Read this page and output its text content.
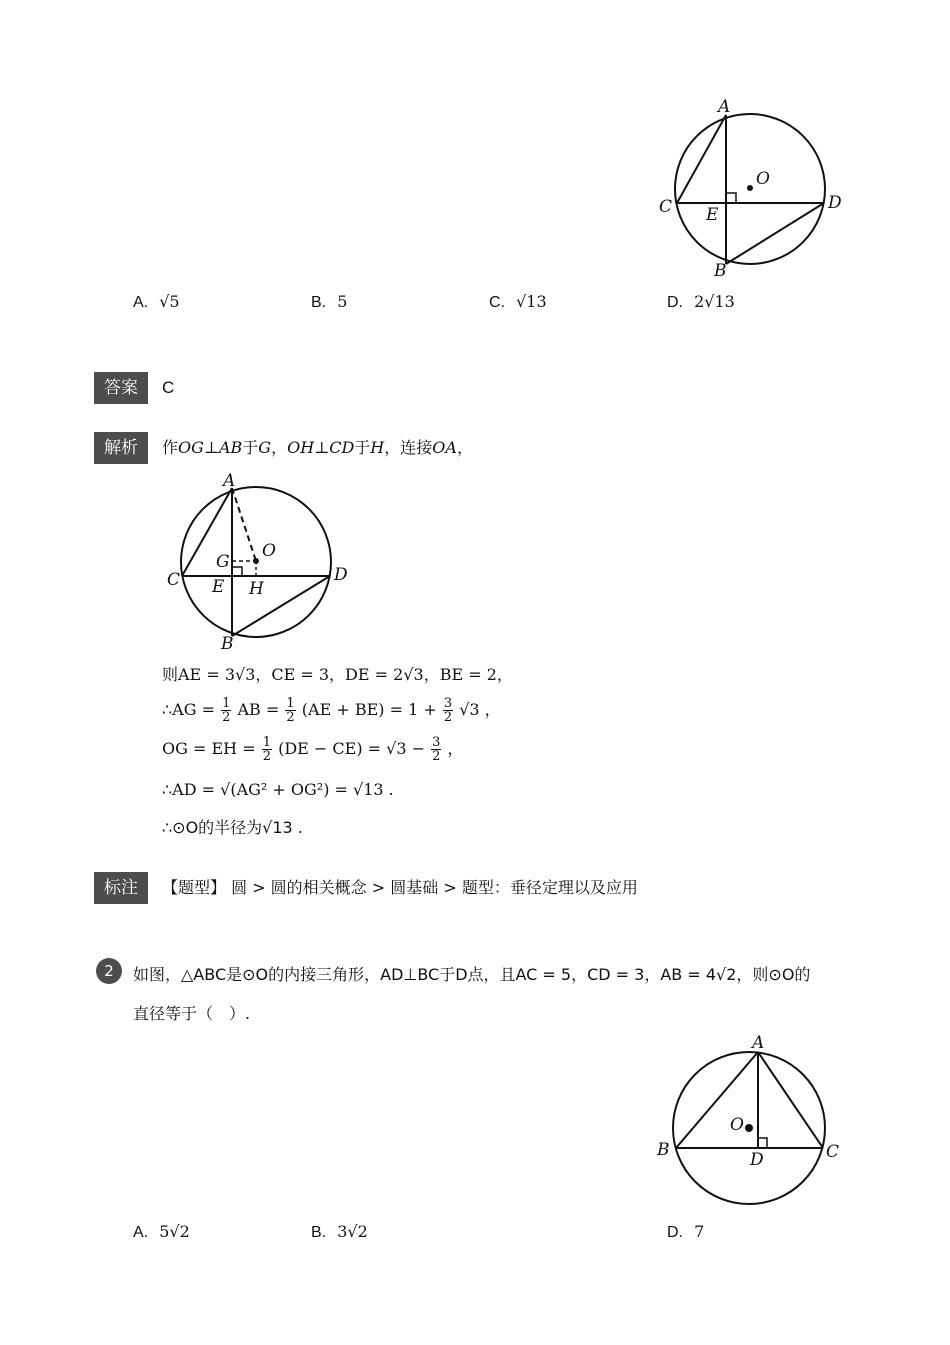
A
B
C	D
E
O
A. √5	B. 5	C. √13	D. 2√13
答案	C
解析	作OG⊥AB于G，OH⊥CD于H，连接OA，
A
B
C	D
E
O
G
H
则AE = 3√3，CE = 3，DE = 2√3，BE = 2，
∴AG = $\frac{1}{2}$ AB = $\frac{1}{2} (AE + BE) = 1 + \frac{3}{2} √3$ ，
OG = EH = $\frac{1}{2} (DE - CE) = √3 - \frac{3}{2}$ ，
∴AD = √(AG² + OG²) = √13 .
∴⊙O的半径为√13 .
标注	【题型】 圆 > 圆的相关概念 > 圆基础 > 题型：垂径定理以及应用
2	如图，△ABC是⊙O的内接三角形，AD⊥BC于D点，且AC = 5，CD = 3，AB = 4√2，则⊙O的
直径等于（　）.
A
B	C
D
O
A. 5√2	B. 3√2	D. 7
